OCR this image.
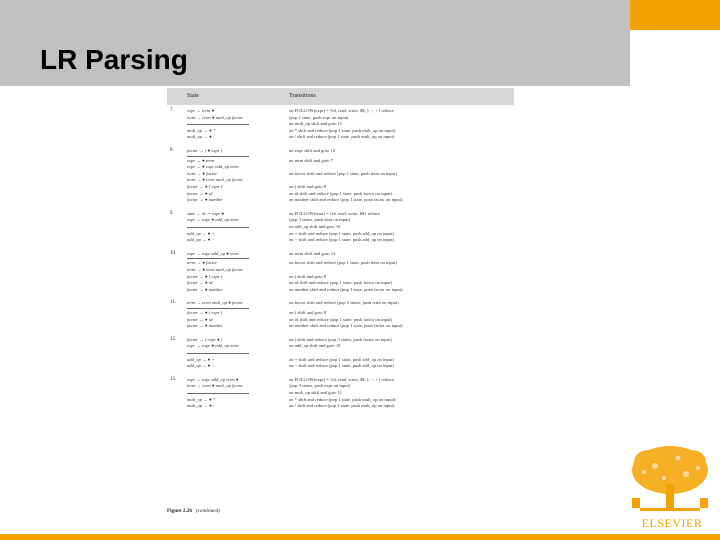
LR Parsing
State	Transitions
7.	expr → term ●	on FOLLOW(expr) = {id, read, write, $$, ), −, +} reduce
term → term ● mult_op factor	(pop 1 state, push expr on input)
on mult_op shift and goto 11
mult_op → ● *	on * shift and reduce (pop 1 state, push mult_op on input)
mult_op → ● /	on / shift and reduce (pop 1 state, push mult_op on input)
8.	factor → ( ● expr )	on expr shift and goto 12
expr → ● term	on term shift and goto 7
expr → ● expr add_op term
term → ● factor	on factor shift and reduce (pop 1 state, push term on input)
term → ● term mult_op factor
factor → ● ( expr )	on ( shift and goto 8
factor → ● id	on id shift and reduce (pop 1 state, push factor on input)
factor → ● number	on number shift and reduce (pop 1 state, push factor on input)
9.	stmt → id := expr ●	on FOLLOW(stmt) = {id, read, write, $$} reduce
expr → expr ● add_op term	(pop 3 states, push stmt on input)
on add_op shift and goto 10
add_op → ● +	on + shift and reduce (pop 1 state, push add_op on input)
add_op → ● −	on − shift and reduce (pop 1 state, push add_op on input)
10.	expr → expr add_op ● term	on term shift and goto 13
term → ● factor	on factor shift and reduce (pop 1 state, push term on input)
term → ● term mult_op factor
factor → ● ( expr )	on ( shift and goto 8
factor → ● id	on id shift and reduce (pop 1 state, push factor on input)
factor → ● number	on number shift and reduce (pop 1 state, push factor on input)
11.	term → term mult_op ● factor	on factor shift and reduce (pop 3 states, push term on input)
factor → ● ( expr )	on ( shift and goto 8
factor → ● id	on id shift and reduce (pop 1 state, push factor on input)
factor → ● number	on number shift and reduce (pop 1 state, push factor on input)
12.	factor → ( expr ● )	on ) shift and reduce (pop 3 states, push factor on input)
expr → expr ● add_op term	on add_op shift and goto 10
add_op → ● +	on + shift and reduce (pop 1 state, push add_op on input)
add_op → ● −	on − shift and reduce (pop 1 state, push add_op on input)
13.	expr → expr add_op term ●	on FOLLOW(expr) = {id, read, write, $$, ), −, +} reduce
term → term ● mult_op factor	(pop 3 states, push expr on input)
on mult_op shift and goto 11
mult_op → ● *	on * shift and reduce (pop 1 state, push mult_op on input)
mult_op → ● /	on / shift and reduce (pop 1 state, push mult_op on input)
Figure 2.26 (continued)
ELSEVIER
